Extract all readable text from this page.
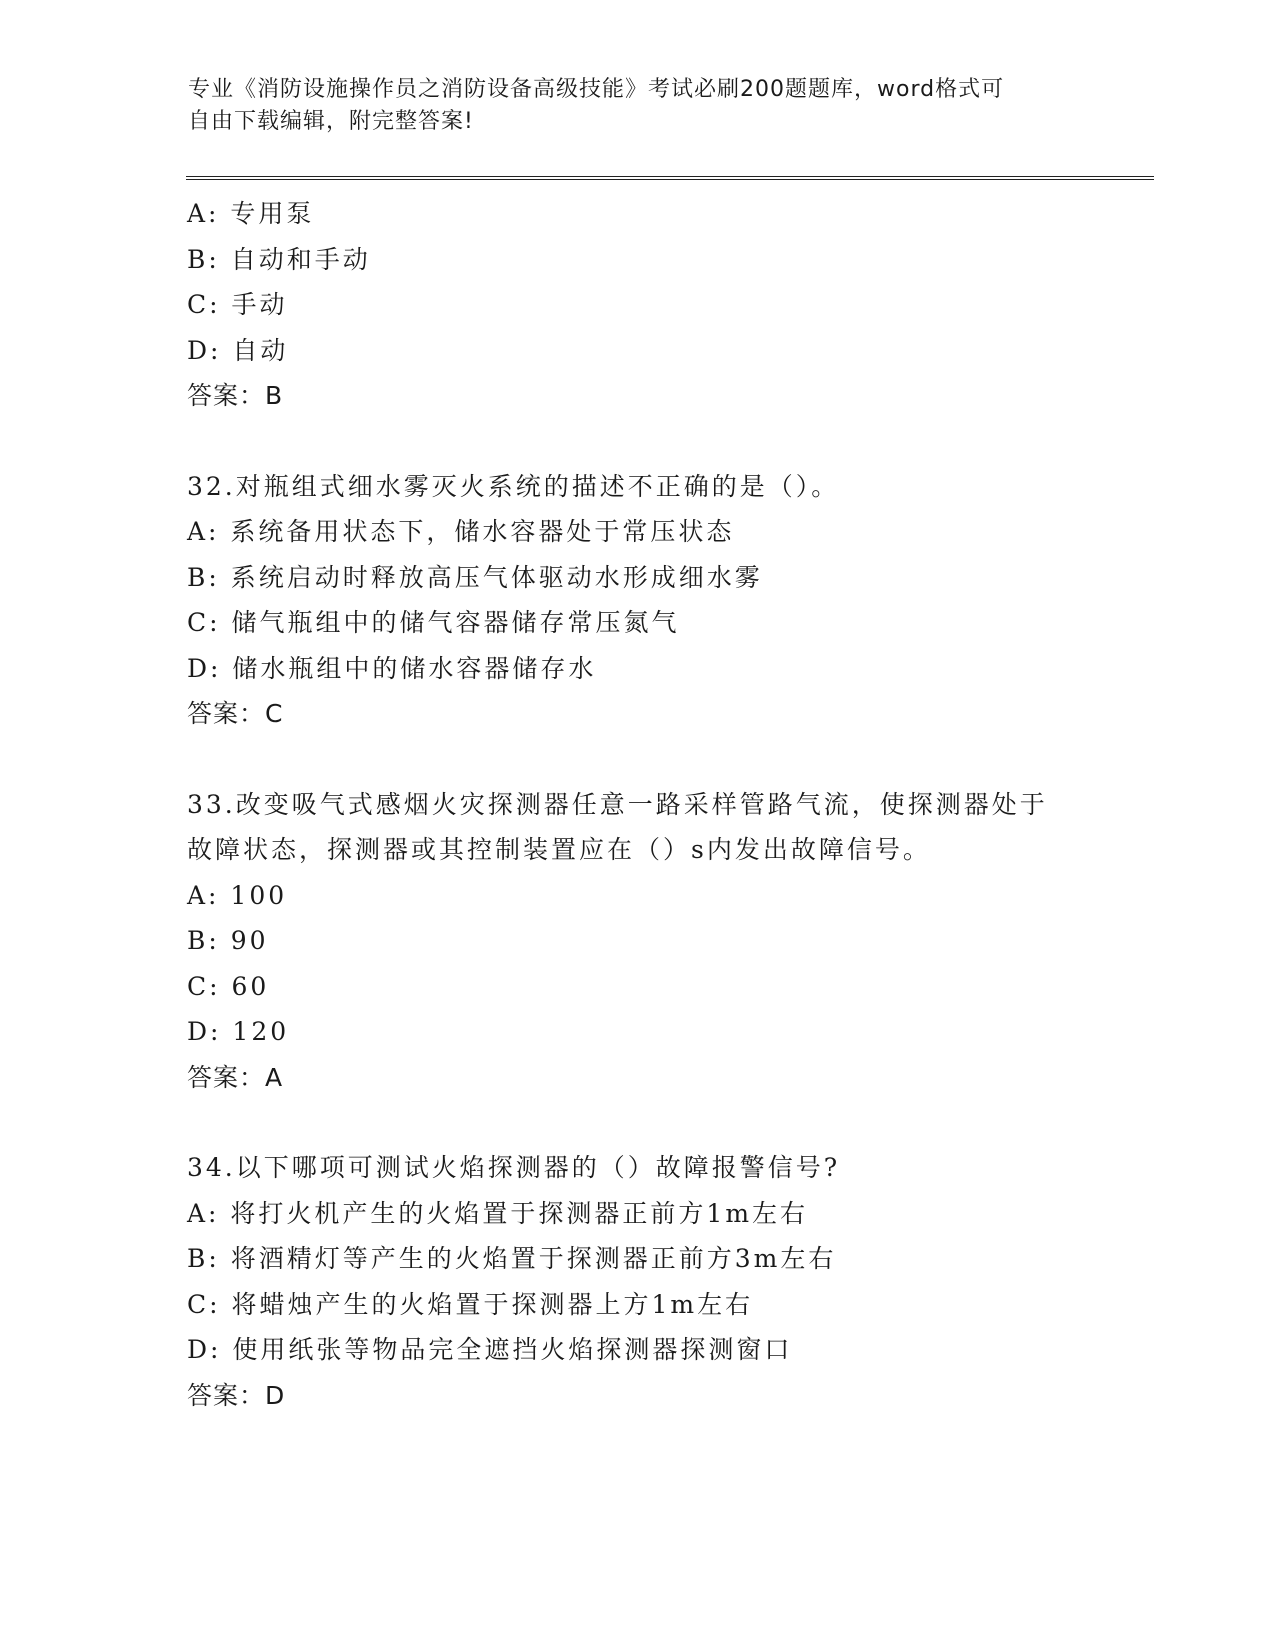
专业《消防设施操作员之消防设备高级技能》考试必刷200题题库，word格式可
自由下载编辑，附完整答案!
A: 专用泵
B: 自动和手动
C: 手动
D: 自动
答案：B
32.对瓶组式细水雾灭火系统的描述不正确的是（）。
A: 系统备用状态下，储水容器处于常压状态
B: 系统启动时释放高压气体驱动水形成细水雾
C: 储气瓶组中的储气容器储存常压氮气
D: 储水瓶组中的储水容器储存水
答案：C
33.改变吸气式感烟火灾探测器任意一路采样管路气流，使探测器处于
故障状态，探测器或其控制装置应在（）s内发出故障信号。
A: 100
B: 90
C: 60
D: 120
答案：A
34.以下哪项可测试火焰探测器的（）故障报警信号?
A: 将打火机产生的火焰置于探测器正前方1m左右
B: 将酒精灯等产生的火焰置于探测器正前方3m左右
C: 将蜡烛产生的火焰置于探测器上方1m左右
D: 使用纸张等物品完全遮挡火焰探测器探测窗口
答案：D
